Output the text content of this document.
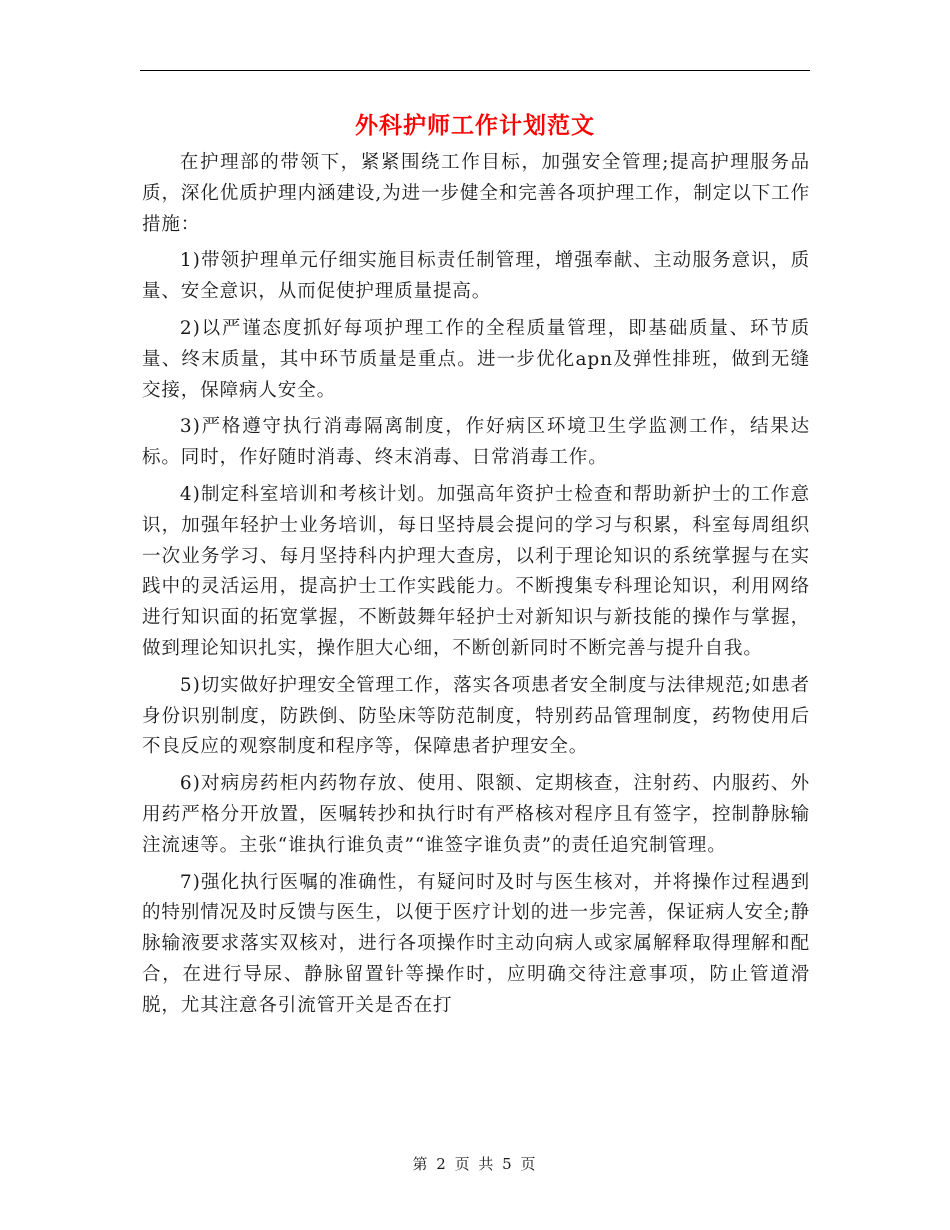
外科护师工作计划范文

在护理部的带领下，紧紧围绕工作目标，加强安全管理;提高护理服务品质，深化优质护理内涵建设,为进一步健全和完善各项护理工作，制定以下工作措施：

1)带领护理单元仔细实施目标责任制管理，增强奉献、主动服务意识，质量、安全意识，从而促使护理质量提高。

2)以严谨态度抓好每项护理工作的全程质量管理，即基础质量、环节质量、终末质量，其中环节质量是重点。进一步优化apn及弹性排班，做到无缝交接，保障病人安全。

3)严格遵守执行消毒隔离制度，作好病区环境卫生学监测工作，结果达标。同时，作好随时消毒、终末消毒、日常消毒工作。

4)制定科室培训和考核计划。加强高年资护士检查和帮助新护士的工作意识，加强年轻护士业务培训，每日坚持晨会提问的学习与积累，科室每周组织一次业务学习、每月坚持科内护理大查房，以利于理论知识的系统掌握与在实践中的灵活运用，提高护士工作实践能力。不断搜集专科理论知识，利用网络进行知识面的拓宽掌握，不断鼓舞年轻护士对新知识与新技能的操作与掌握，做到理论知识扎实，操作胆大心细，不断创新同时不断完善与提升自我。

5)切实做好护理安全管理工作，落实各项患者安全制度与法律规范;如患者身份识别制度，防跌倒、防坠床等防范制度，特别药品管理制度，药物使用后不良反应的观察制度和程序等，保障患者护理安全。

6)对病房药柜内药物存放、使用、限额、定期核查，注射药、内服药、外用药严格分开放置，医嘱转抄和执行时有严格核对程序且有签字，控制静脉输注流速等。主张“谁执行谁负责”“谁签字谁负责”的责任追究制管理。

7)强化执行医嘱的准确性，有疑问时及时与医生核对，并将操作过程遇到的特别情况及时反馈与医生，以便于医疗计划的进一步完善，保证病人安全;静脉输液要求落实双核对，进行各项操作时主动向病人或家属解释取得理解和配合，在进行导尿、静脉留置针等操作时，应明确交待注意事项，防止管道滑脱，尤其注意各引流管开关是否在打

第 2 页 共 5 页
